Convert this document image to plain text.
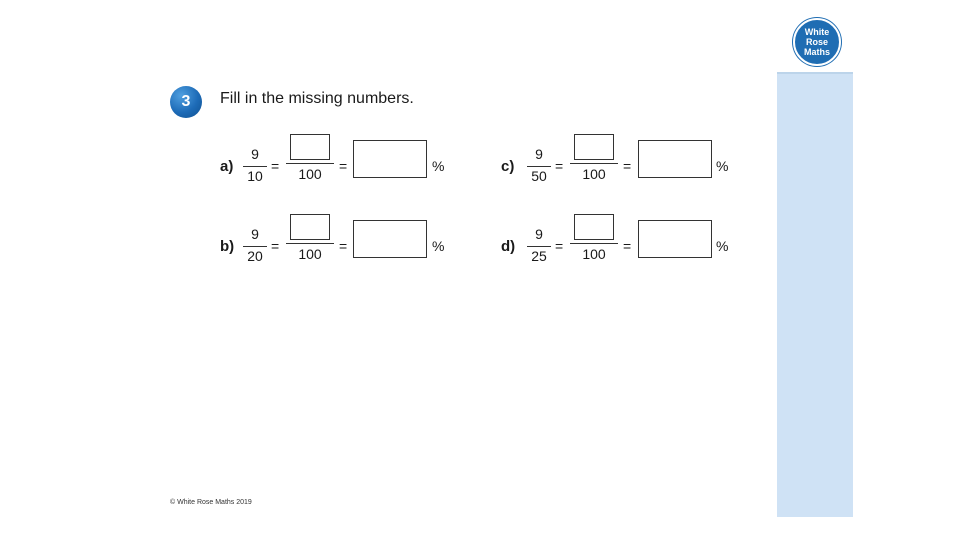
White
Rose
Maths
3 Fill in the missing numbers.
a)
9
10
=	100	=	%
b)
9
20
=	100	=	%
c)
9
50
=	100	=	%
d)
9
25
=	100	=	%
© White Rose Maths 2019
